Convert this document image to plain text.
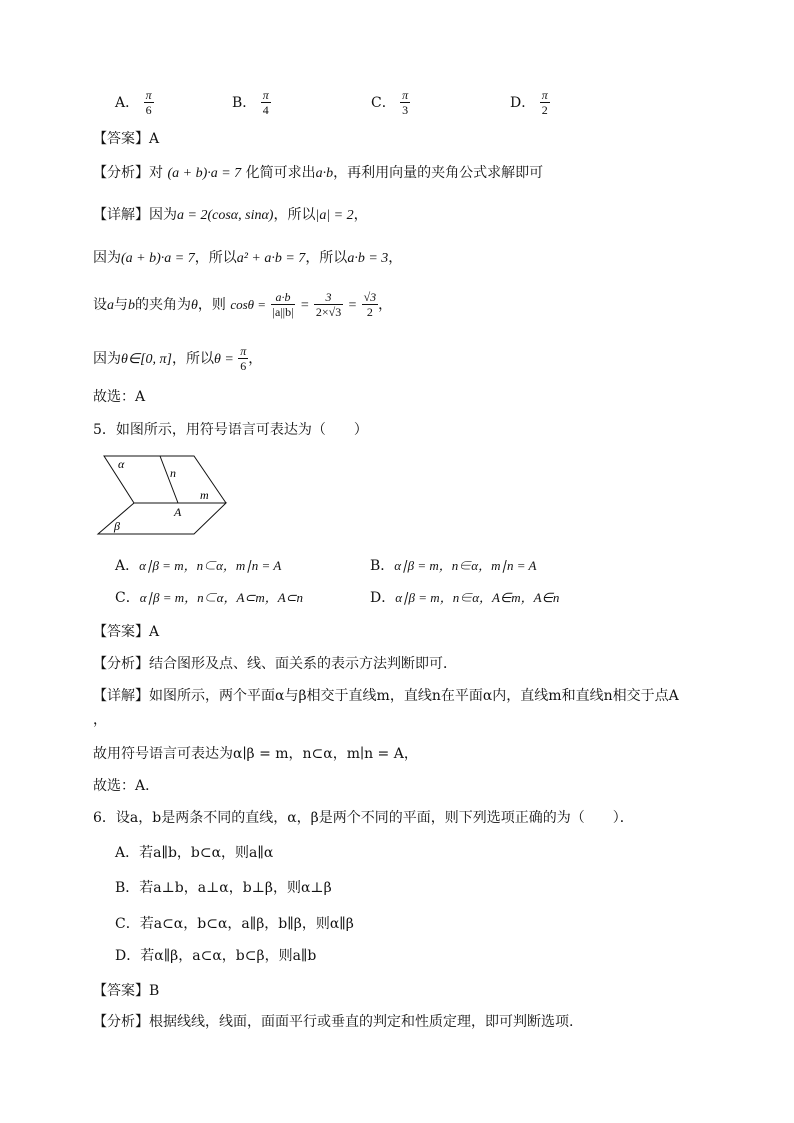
A． $\frac{\pi}{6}$	B． $\frac{\pi}{4}$	C． $\frac{\pi}{3}$	D． $\frac{\pi}{2}$
【答案】A
【分析】对 (a + b)·a = 7 化简可求出a·b，再利用向量的夹角公式求解即可
【详解】因为a = 2(cosα, sinα)，所以|a| = 2，
因为(a + b)·a = 7，所以a² + a·b = 7，所以a·b = 3，
设a与b的夹角为θ，则 $\cos\theta = \frac{a\cdot b}{|a||b|} = \frac{3}{2\times√3} = \frac{√3}{2}$ ，
因为θ∈[0, π]，所以$\theta = \frac{\pi}{6}$ ，
故选：A
5．如图所示，用符号语言可表达为（　　）
α
n
m
A
β
A．α∣β = m，n⊂α，m∣n = A	B．α∣β = m，n∈α，m∣n = A
C．α∣β = m，n⊂α，A⊂m，A⊂n	D．α∣β = m，n∈α，A∈m，A∈n
【答案】A
【分析】结合图形及点、线、面关系的表示方法判断即可．
【详解】如图所示，两个平面α与β相交于直线m，直线n在平面α内，直线m和直线n相交于点A
，
故用符号语言可表达为α∣β = m，n⊂α，m∣n = A，
故选：A．
6．设a，b是两条不同的直线，α，β是两个不同的平面，则下列选项正确的为（　　）．
A．若a∥b，b⊂α，则a∥α
B．若a⊥b，a⊥α，b⊥β，则α⊥β
C．若a⊂α，b⊂α，a∥β，b∥β，则α∥β
D．若α∥β，a⊂α，b⊂β，则a∥b
【答案】B
【分析】根据线线，线面，面面平行或垂直的判定和性质定理，即可判断选项.
